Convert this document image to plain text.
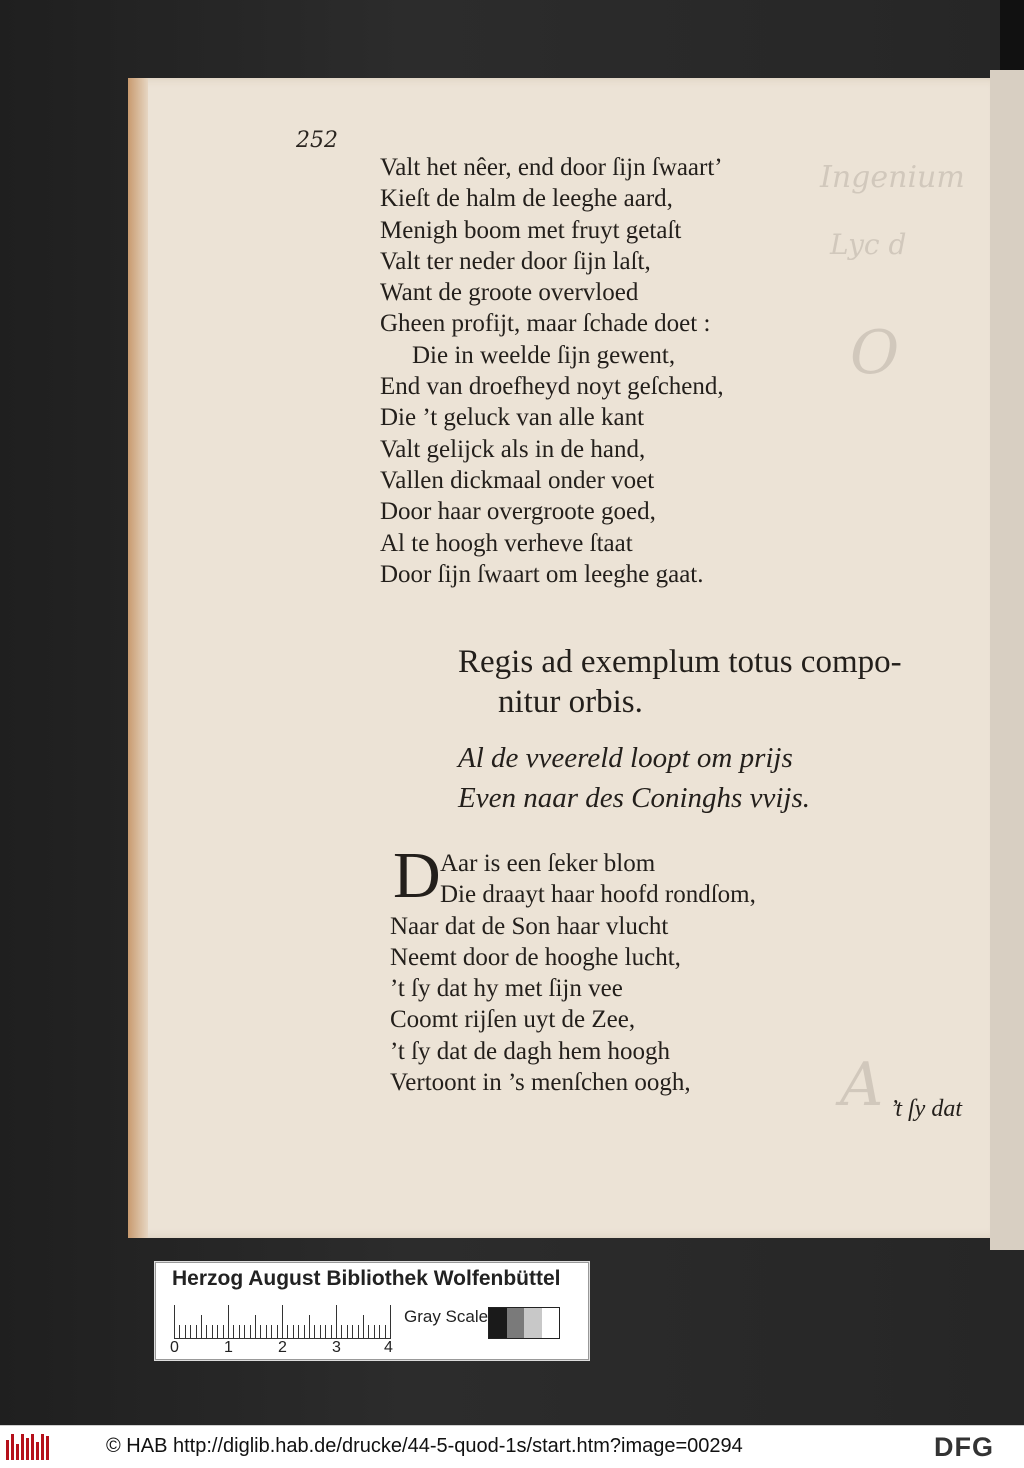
Ingenium
Lyc d
O
A
252
Valt het nêer, end door ſijn ſwaart’
Kieſt de halm de leeghe aard,
Menigh boom met fruyt getaſt
Valt ter neder door ſijn laſt,
Want de groote overvloed
Gheen profijt, maar ſchade doet :
Die in weelde ſijn gewent,
End van droefheyd noyt geſchend,
Die ’t geluck van alle kant
Valt gelijck als in de hand,
Vallen dickmaal onder voet
Door haar overgroote goed,
Al te hoogh verheve ſtaat
Door ſijn ſwaart om leeghe gaat.
Regis ad exemplum totus compo-
nitur orbis.
Al de vveereld loopt om prijs
Even naar des Coninghs vvijs.
D Aar is een ſeker blom
Die draayt haar hoofd rondſom,
Naar dat de Son haar vlucht
Neemt door de hooghe lucht,
’t ſy dat hy met ſijn vee
Coomt rijſen uyt de Zee,
’t ſy dat de dagh hem hoogh
Vertoont in ’s menſchen oogh,
’t ſy dat
Herzog August Bibliothek Wolfenbüttel
0	1	2	3	4
Gray Scale
© HAB http://diglib.hab.de/drucke/44-5-quod-1s/start.htm?image=00294	DFG
